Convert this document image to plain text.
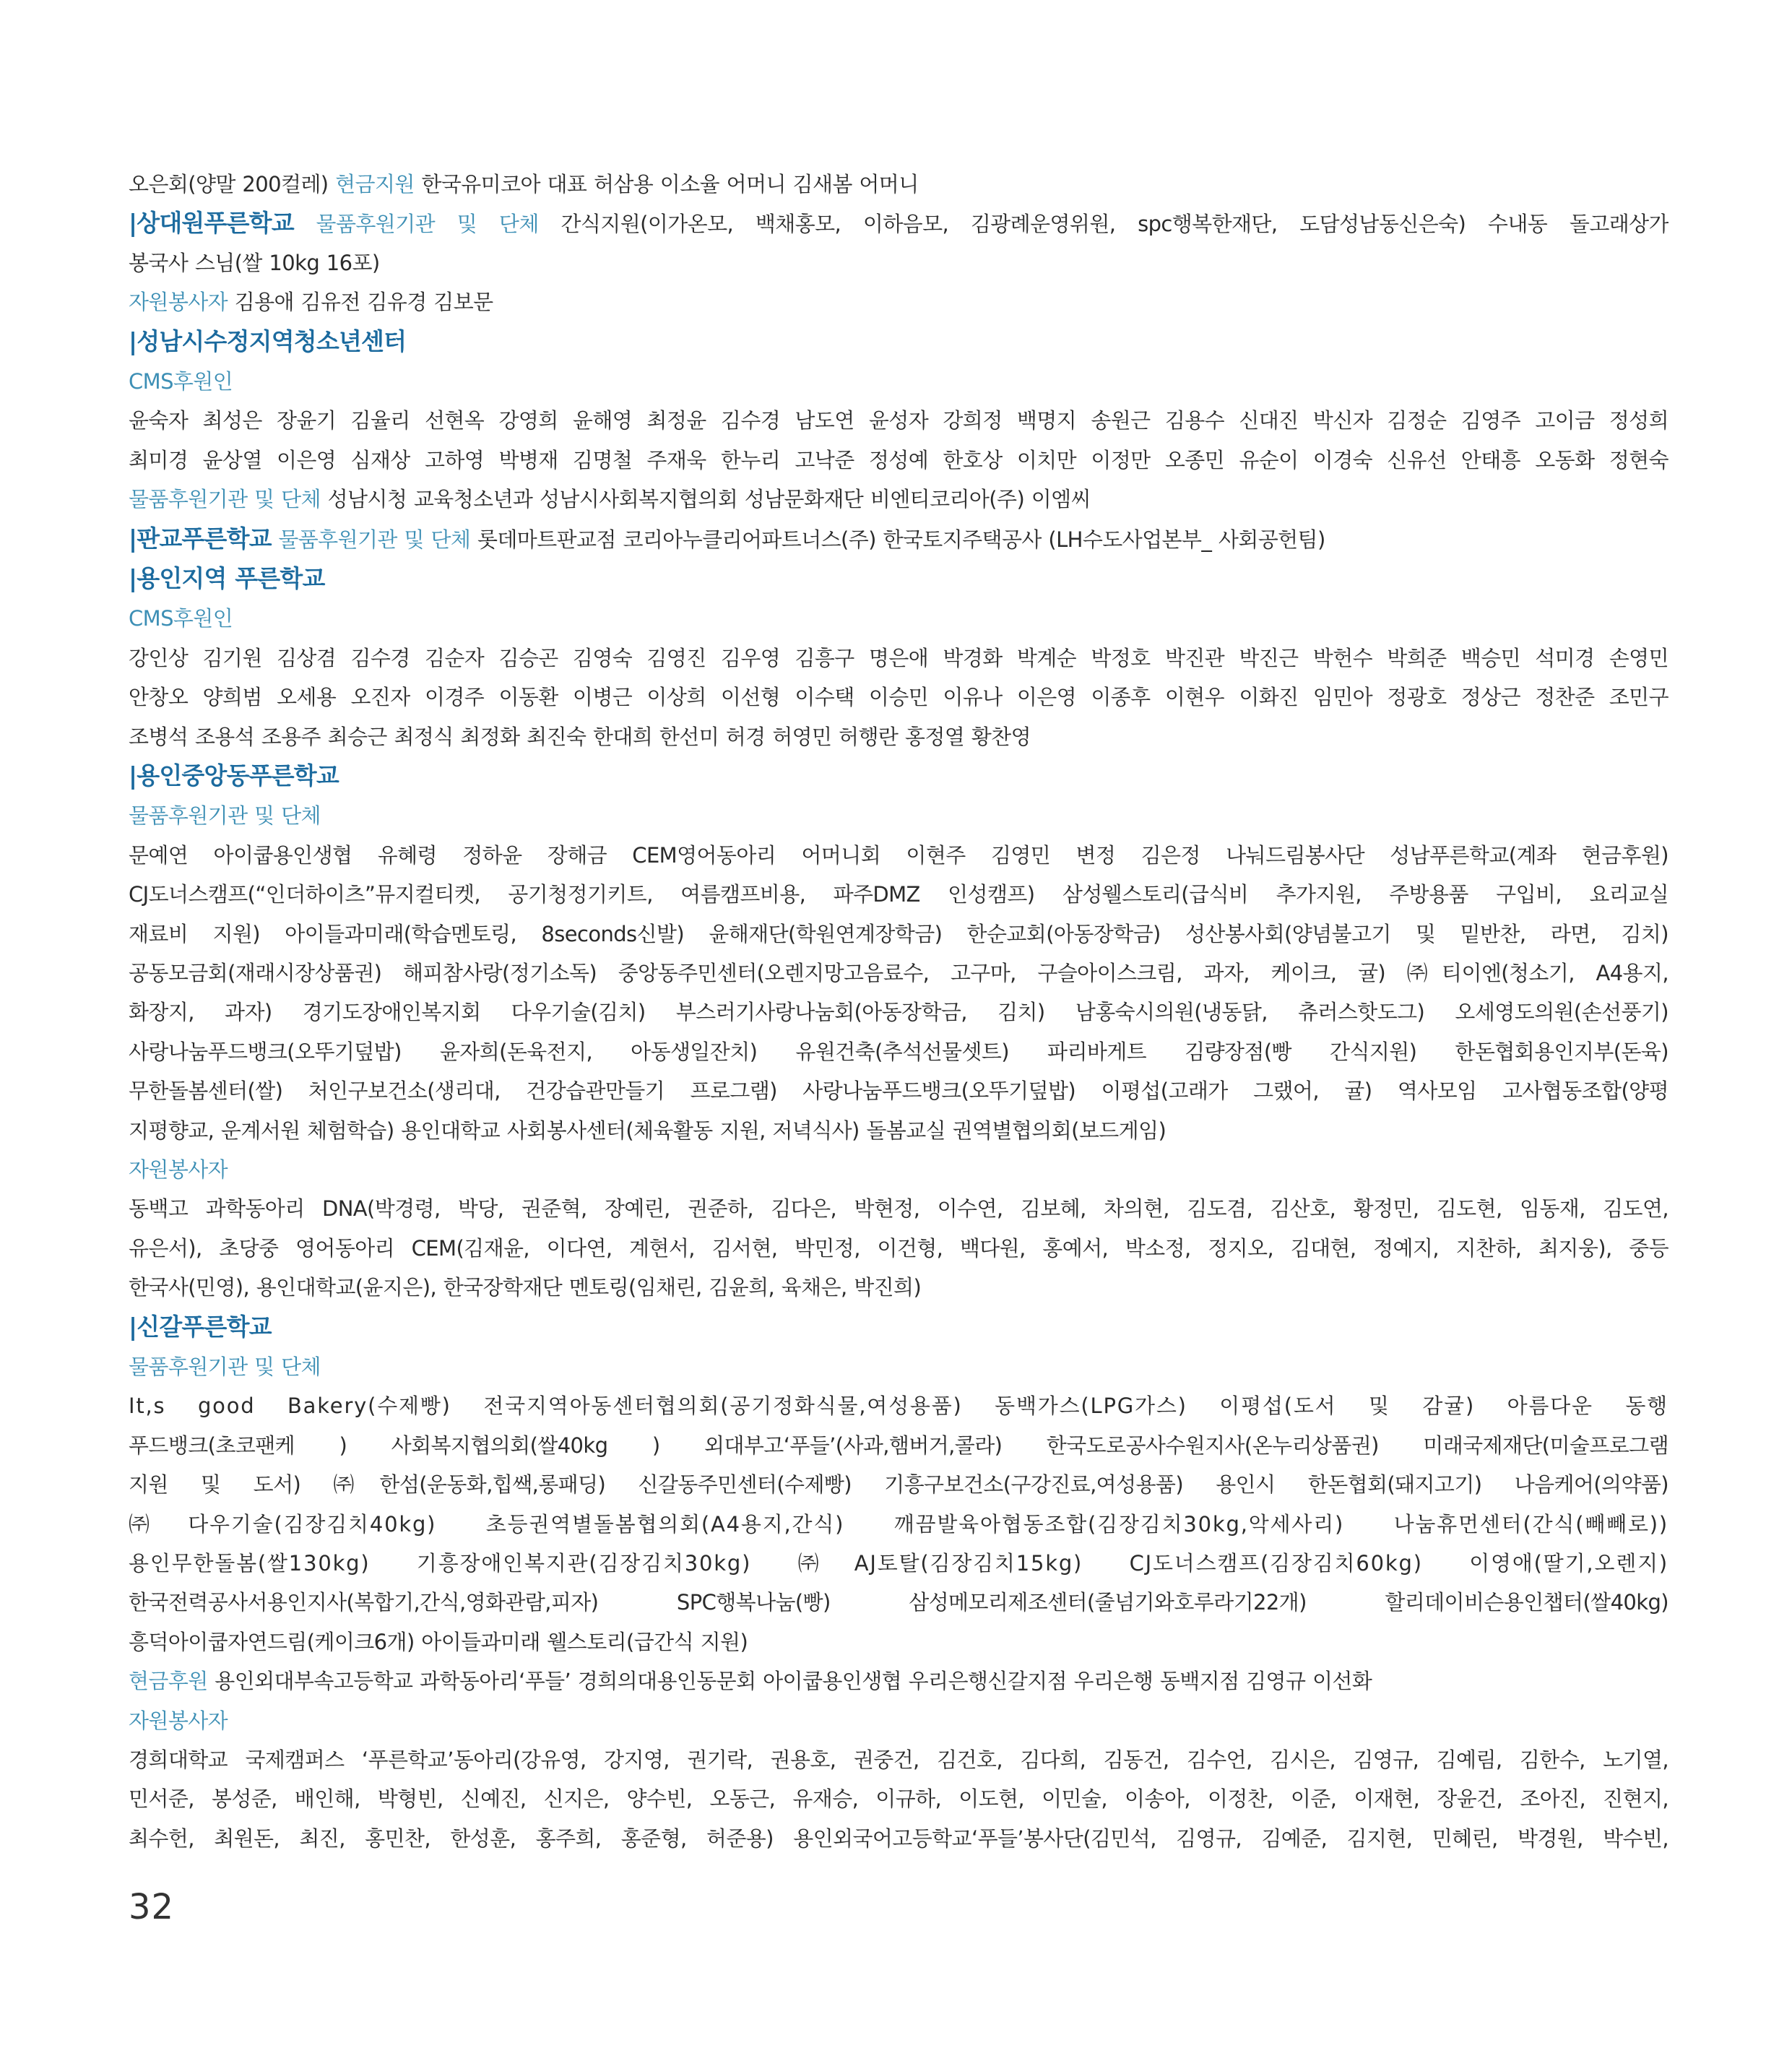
오은회(양말 200컬레) 현금지원 한국유미코아 대표 허삼용 이소율 어머니 김새봄 어머니
|상대원푸른학교 물품후원기관 및 단체 간식지원(이가온모, 백채홍모, 이하음모, 김광례운영위원, spc행복한재단, 도담성남동신은숙) 수내동 돌고래상가
봉국사 스님(쌀 10kg 16포)
자원봉사자 김용애 김유전 김유경 김보문
|성남시수정지역청소년센터
CMS후원인
윤숙자 최성은 장윤기 김율리 선현옥 강영희 윤해영 최정윤 김수경 남도연 윤성자 강희정 백명지 송원근 김용수 신대진 박신자 김정순 김영주 고이금 정성희
최미경 윤상열 이은영 심재상 고하영 박병재 김명철 주재욱 한누리 고낙준 정성예 한호상 이치만 이정만 오종민 유순이 이경숙 신유선 안태흥 오동화 정현숙
물품후원기관 및 단체 성남시청 교육청소년과 성남시사회복지협의회 성남문화재단 비엔티코리아(주) 이엠씨
|판교푸른학교 물품후원기관 및 단체 롯데마트판교점 코리아누클리어파트너스(주) 한국토지주택공사 (LH수도사업본부_ 사회공헌팀)
|용인지역 푸른학교
CMS후원인
강인상 김기원 김상겸 김수경 김순자 김승곤 김영숙 김영진 김우영 김흥구 명은애 박경화 박계순 박정호 박진관 박진근 박헌수 박희준 백승민 석미경 손영민
안창오 양희범 오세용 오진자 이경주 이동환 이병근 이상희 이선형 이수택 이승민 이유나 이은영 이종후 이현우 이화진 임민아 정광호 정상근 정찬준 조민구
조병석 조용석 조용주 최승근 최정식 최정화 최진숙 한대희 한선미 허경 허영민 허행란 홍정열 황찬영
|용인중앙동푸른학교
물품후원기관 및 단체
문예연 아이쿱용인생협 유혜령 정하윤 장해금 CEM영어동아리 어머니회 이현주 김영민 변정 김은정 나눠드림봉사단 성남푸른학교(계좌 현금후원)
CJ도너스캠프(“인더하이츠”뮤지컬티켓, 공기청정기키트, 여름캠프비용, 파주DMZ 인성캠프) 삼성웰스토리(급식비 추가지원, 주방용품 구입비, 요리교실
재료비 지원) 아이들과미래(학습멘토링, 8seconds신발) 윤해재단(학원연계장학금) 한순교회(아동장학금) 성산봉사회(양념불고기 및 밑반찬, 라면, 김치)
공동모금회(재래시장상품권) 해피참사랑(정기소독) 중앙동주민센터(오렌지망고음료수, 고구마, 구슬아이스크림, 과자, 케이크, 귤) ㈜티이엔(청소기, A4용지,
화장지, 과자) 경기도장애인복지회 다우기술(김치) 부스러기사랑나눔회(아동장학금, 김치) 남홍숙시의원(냉동닭, 츄러스핫도그) 오세영도의원(손선풍기)
사랑나눔푸드뱅크(오뚜기덮밥) 윤자희(돈육전지, 아동생일잔치) 유원건축(추석선물셋트) 파리바게트 김량장점(빵 간식지원) 한돈협회용인지부(돈육)
무한돌봄센터(쌀) 처인구보건소(생리대, 건강습관만들기 프로그램) 사랑나눔푸드뱅크(오뚜기덮밥) 이평섭(고래가 그랬어, 귤) 역사모임 고사협동조합(양평
지평향교, 운계서원 체험학습) 용인대학교 사회봉사센터(체육활동 지원, 저녁식사) 돌봄교실 권역별협의회(보드게임)
자원봉사자
동백고 과학동아리 DNA(박경령, 박당, 권준혁, 장예린, 권준하, 김다은, 박현정, 이수연, 김보혜, 차의현, 김도겸, 김산호, 황정민, 김도현, 임동재, 김도연,
유은서), 초당중 영어동아리 CEM(김재윤, 이다연, 계현서, 김서현, 박민정, 이건형, 백다원, 홍예서, 박소정, 정지오, 김대현, 정예지, 지찬하, 최지웅), 중등
한국사(민영), 용인대학교(윤지은), 한국장학재단 멘토링(임채린, 김윤희, 육채은, 박진희)
|신갈푸른학교
물품후원기관 및 단체
It,s good Bakery(수제빵) 전국지역아동센터협의회(공기정화식물,여성용품) 동백가스(LPG가스) 이평섭(도서 및 감귤) 아름다운 동행
푸드뱅크(초코팬케 ) 사회복지협의회(쌀40kg ) 외대부고‘푸들’(사과,햄버거,콜라) 한국도로공사수원지사(온누리상품권) 미래국제재단(미술프로그램
지원 및 도서) ㈜한섬(운동화,힙쌕,롱패딩) 신갈동주민센터(수제빵) 기흥구보건소(구강진료,여성용품) 용인시 한돈협회(돼지고기) 나음케어(의약품)
㈜다우기술(김장김치40kg) 초등권역별돌봄협의회(A4용지,간식) 깨끔발육아협동조합(김장김치30kg,악세사리) 나눔휴먼센터(간식(빼빼로))
용인무한돌봄(쌀130kg) 기흥장애인복지관(김장김치30kg) ㈜AJ토탈(김장김치15kg) CJ도너스캠프(김장김치60kg) 이영애(딸기,오렌지)
한국전력공사서용인지사(복합기,간식,영화관람,피자) SPC행복나눔(빵) 삼성메모리제조센터(줄넘기와호루라기22개) 할리데이비슨용인챕터(쌀40kg)
흥덕아이쿱자연드림(케이크6개) 아이들과미래 웰스토리(급간식 지원)
현금후원 용인외대부속고등학교 과학동아리‘푸들’ 경희의대용인동문회 아이쿱용인생협 우리은행신갈지점 우리은행 동백지점 김영규 이선화
자원봉사자
경희대학교 국제캠퍼스 ‘푸른학교’동아리(강유영, 강지영, 권기락, 권용호, 권중건, 김건호, 김다희, 김동건, 김수언, 김시은, 김영규, 김예림, 김한수, 노기열,
민서준, 봉성준, 배인해, 박형빈, 신예진, 신지은, 양수빈, 오동근, 유재승, 이규하, 이도현, 이민술, 이송아, 이정찬, 이준, 이재현, 장윤건, 조아진, 진현지,
최수헌, 최원돈, 최진, 홍민찬, 한성훈, 홍주희, 홍준형, 허준용) 용인외국어고등학교‘푸들’봉사단(김민석, 김영규, 김예준, 김지현, 민혜린, 박경원, 박수빈,
32
